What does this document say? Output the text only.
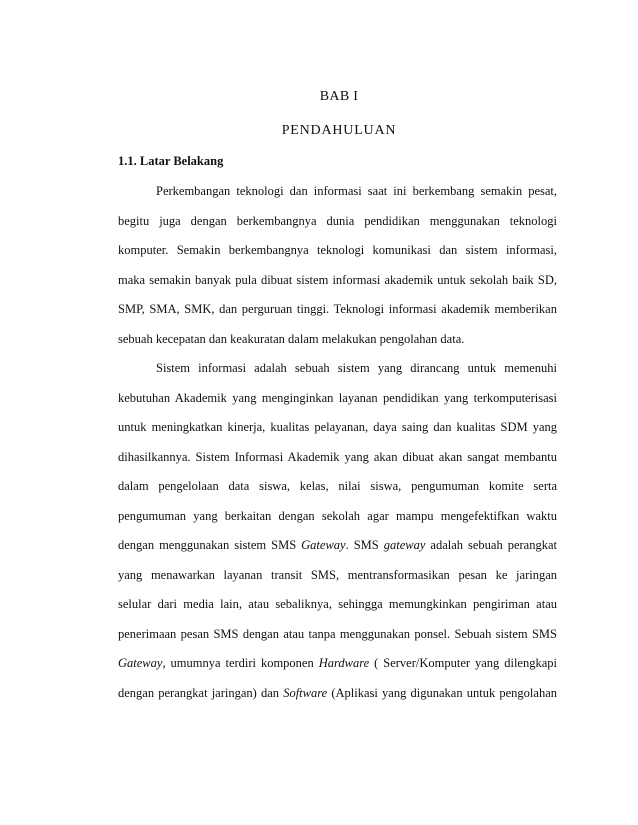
BAB I
PENDAHULUAN
1.1. Latar Belakang
Perkembangan teknologi dan informasi saat ini berkembang semakin pesat,
begitu juga dengan berkembangnya dunia pendidikan menggunakan teknologi
komputer. Semakin berkembangnya teknologi komunikasi dan sistem informasi,
maka semakin banyak pula dibuat sistem informasi akademik untuk sekolah baik SD,
SMP, SMA, SMK, dan perguruan tinggi. Teknologi informasi akademik memberikan
sebuah kecepatan dan keakuratan dalam melakukan pengolahan data.
Sistem informasi adalah sebuah sistem yang dirancang untuk memenuhi
kebutuhan Akademik yang menginginkan layanan pendidikan yang terkomputerisasi
untuk meningkatkan kinerja, kualitas pelayanan, daya saing dan kualitas SDM yang
dihasilkannya. Sistem Informasi Akademik yang akan dibuat akan sangat membantu
dalam pengelolaan data siswa, kelas, nilai siswa, pengumuman komite serta
pengumuman yang berkaitan dengan sekolah agar mampu mengefektifkan waktu
dengan menggunakan sistem SMS Gateway. SMS gateway adalah sebuah perangkat
yang menawarkan layanan transit SMS, mentransformasikan pesan ke jaringan
selular dari media lain, atau sebaliknya, sehingga memungkinkan pengiriman atau
penerimaan pesan SMS dengan atau tanpa menggunakan ponsel. Sebuah sistem SMS
Gateway, umumnya terdiri komponen Hardware ( Server/Komputer yang dilengkapi
dengan perangkat jaringan) dan Software (Aplikasi yang digunakan untuk pengolahan
